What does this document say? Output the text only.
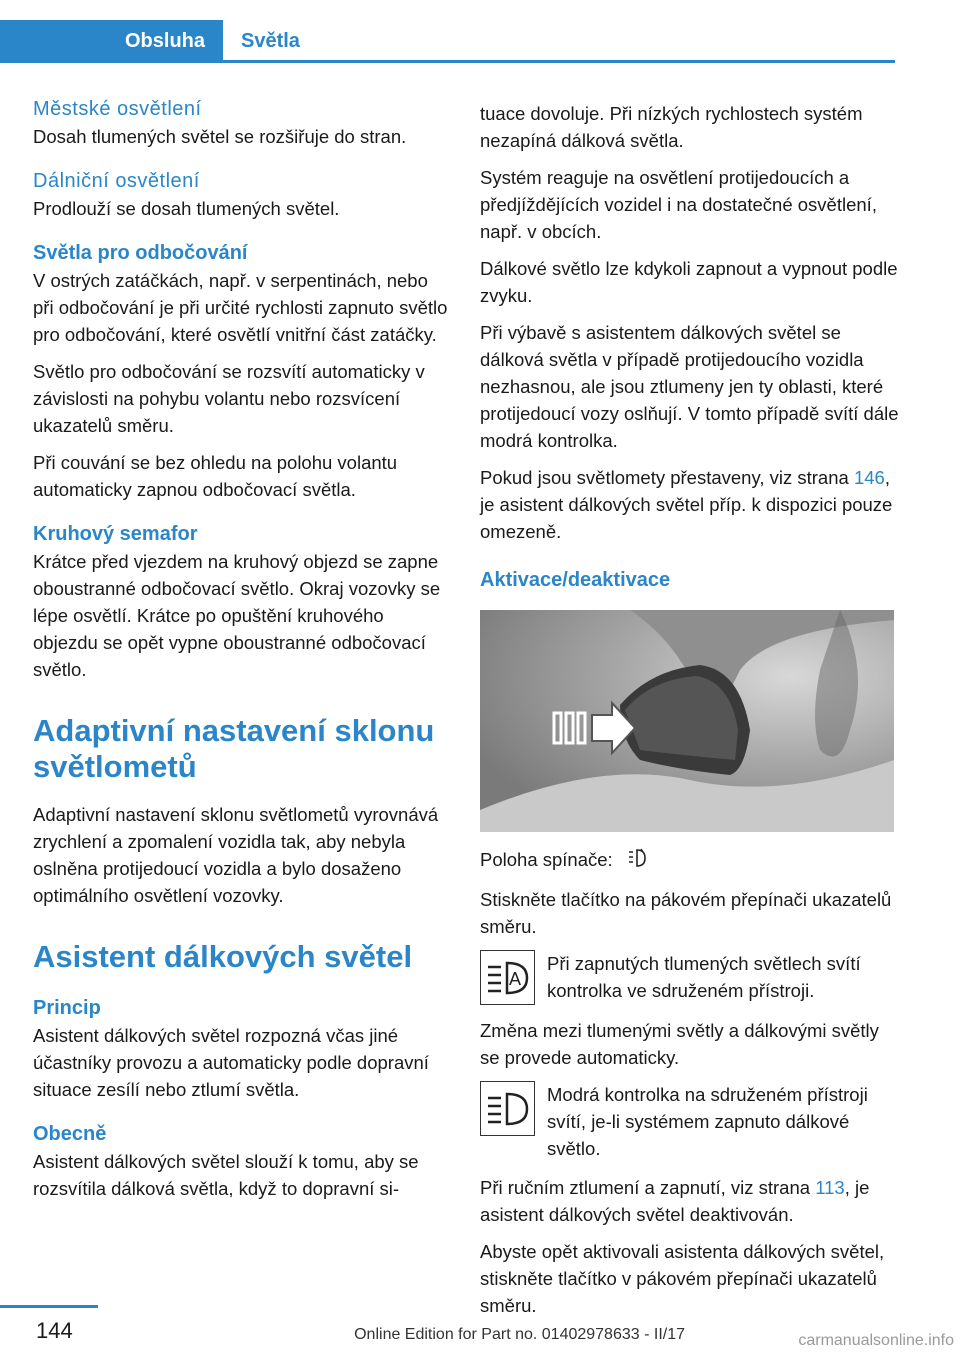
Obsluha	Světla
Městské osvětlení

Dosah tlumených světel se rozšiřuje do stran.

Dálniční osvětlení

Prodlouží se dosah tlumených světel.

Světla pro odbočování

V ostrých zatáčkách, např. v serpentinách, nebo při odbočování je při určité rychlosti zapnuto světlo pro odbočování, které osvětlí vnitřní část zatáčky.

Světlo pro odbočování se rozsvítí automaticky v závislosti na pohybu volantu nebo rozsvícení ukazatelů směru.

Při couvání se bez ohledu na polohu volantu automaticky zapnou odbočovací světla.

Kruhový semafor

Krátce před vjezdem na kruhový objezd se zapne oboustranné odbočovací světlo. Okraj vozovky se lépe osvětlí. Krátce po opuštění kruhového objezdu se opět vypne oboustranné odbočovací světlo.

Adaptivní nastavení sklonu světlometů

Adaptivní nastavení sklonu světlometů vyrovnává zrychlení a zpomalení vozidla tak, aby nebyla oslněna protijedoucí vozidla a bylo dosaženo optimálního osvětlení vozovky.

Asistent dálkových světel
Princip

Asistent dálkových světel rozpozná včas jiné účastníky provozu a automaticky podle dopravní situace zesílí nebo ztlumí světla.

Obecně

Asistent dálkových světel slouží k tomu, aby se rozsvítila dálková světla, když to dopravní si-

tuace dovoluje. Při nízkých rychlostech systém nezapíná dálková světla.

Systém reaguje na osvětlení protijedoucích a předjíždějících vozidel i na dostatečné osvětlení, např. v obcích.

Dálkové světlo lze kdykoli zapnout a vypnout podle zvyku.

Při výbavě s asistentem dálkových světel se dálková světla v případě protijedoucího vozidla nezhasnou, ale jsou ztlumeny jen ty oblasti, které protijedoucí vozy oslňují. V tomto případě svítí dále modrá kontrolka.

Pokud jsou světlomety přestaveny, viz strana 146, je asistent dálkových světel příp. k dispozici pouze omezeně.

Aktivace/deaktivace

Poloha spínače:

Stiskněte tlačítko na pákovém přepínači ukazatelů směru.

A

Při zapnutých tlumených světlech svítí kontrolka ve sdruženém přístroji.

Změna mezi tlumenými světly a dálkovými světly se provede automaticky.

Modrá kontrolka na sdruženém přístroji svítí, je-li systémem zapnuto dálkové světlo.

Při ručním ztlumení a zapnutí, viz strana 113, je asistent dálkových světel deaktivován.

Abyste opět aktivovali asistenta dálkových světel, stiskněte tlačítko v pákovém přepínači ukazatelů směru.

144	Online Edition for Part no. 01402978633 - II/17	carmanualsonline.info
